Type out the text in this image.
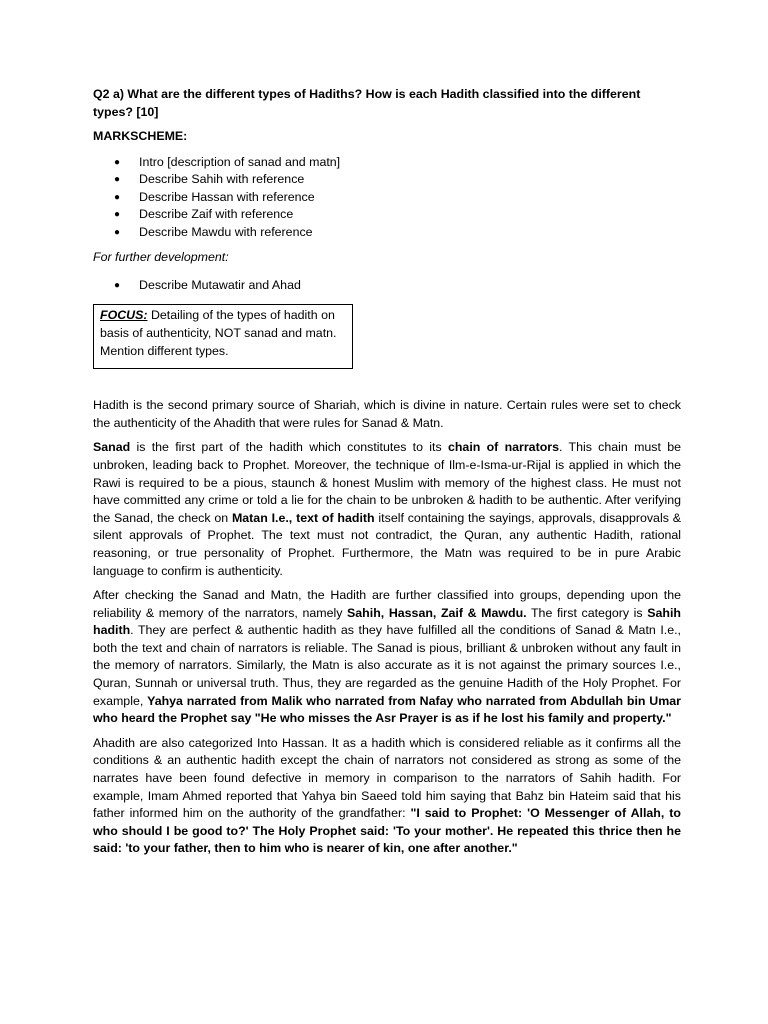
Q2 a) What are the different types of Hadiths? How is each Hadith classified into the different types? [10]

MARKSCHEME:

● Intro [description of sanad and matn]
● Describe Sahih with reference
● Describe Hassan with reference
● Describe Zaif with reference
● Describe Mawdu with reference

For further development:

● Describe Mutawatir and Ahad
FOCUS: Detailing of the types of hadith on basis of authenticity, NOT sanad and matn. Mention different types.

Hadith is the second primary source of Shariah, which is divine in nature. Certain rules were set to check the authenticity of the Ahadith that were rules for Sanad & Matn.

Sanad is the first part of the hadith which constitutes to its chain of narrators. This chain must be unbroken, leading back to Prophet. Moreover, the technique of Ilm-e-Isma-ur-Rijal is applied in which the Rawi is required to be a pious, staunch & honest Muslim with memory of the highest class. He must not have committed any crime or told a lie for the chain to be unbroken & hadith to be authentic. After verifying the Sanad, the check on Matan I.e., text of hadith itself containing the sayings, approvals, disapprovals & silent approvals of Prophet. The text must not contradict, the Quran, any authentic Hadith, rational reasoning, or true personality of Prophet. Furthermore, the Matn was required to be in pure Arabic language to confirm is authenticity.

After checking the Sanad and Matn, the Hadith are further classified into groups, depending upon the reliability & memory of the narrators, namely Sahih, Hassan, Zaif & Mawdu. The first category is Sahih hadith. They are perfect & authentic hadith as they have fulfilled all the conditions of Sanad & Matn I.e., both the text and chain of narrators is reliable. The Sanad is pious, brilliant & unbroken without any fault in the memory of narrators. Similarly, the Matn is also accurate as it is not against the primary sources I.e., Quran, Sunnah or universal truth. Thus, they are regarded as the genuine Hadith of the Holy Prophet. For example, Yahya narrated from Malik who narrated from Nafay who narrated from Abdullah bin Umar who heard the Prophet say "He who misses the Asr Prayer is as if he lost his family and property."

Ahadith are also categorized Into Hassan. It as a hadith which is considered reliable as it confirms all the conditions & an authentic hadith except the chain of narrators not considered as strong as some of the narrates have been found defective in memory in comparison to the narrators of Sahih hadith. For example, Imam Ahmed reported that Yahya bin Saeed told him saying that Bahz bin Hateim said that his father informed him on the authority of the grandfather: "I said to Prophet: 'O Messenger of Allah, to who should I be good to?' The Holy Prophet said: 'To your mother'. He repeated this thrice then he said: 'to your father, then to him who is nearer of kin, one after another."
